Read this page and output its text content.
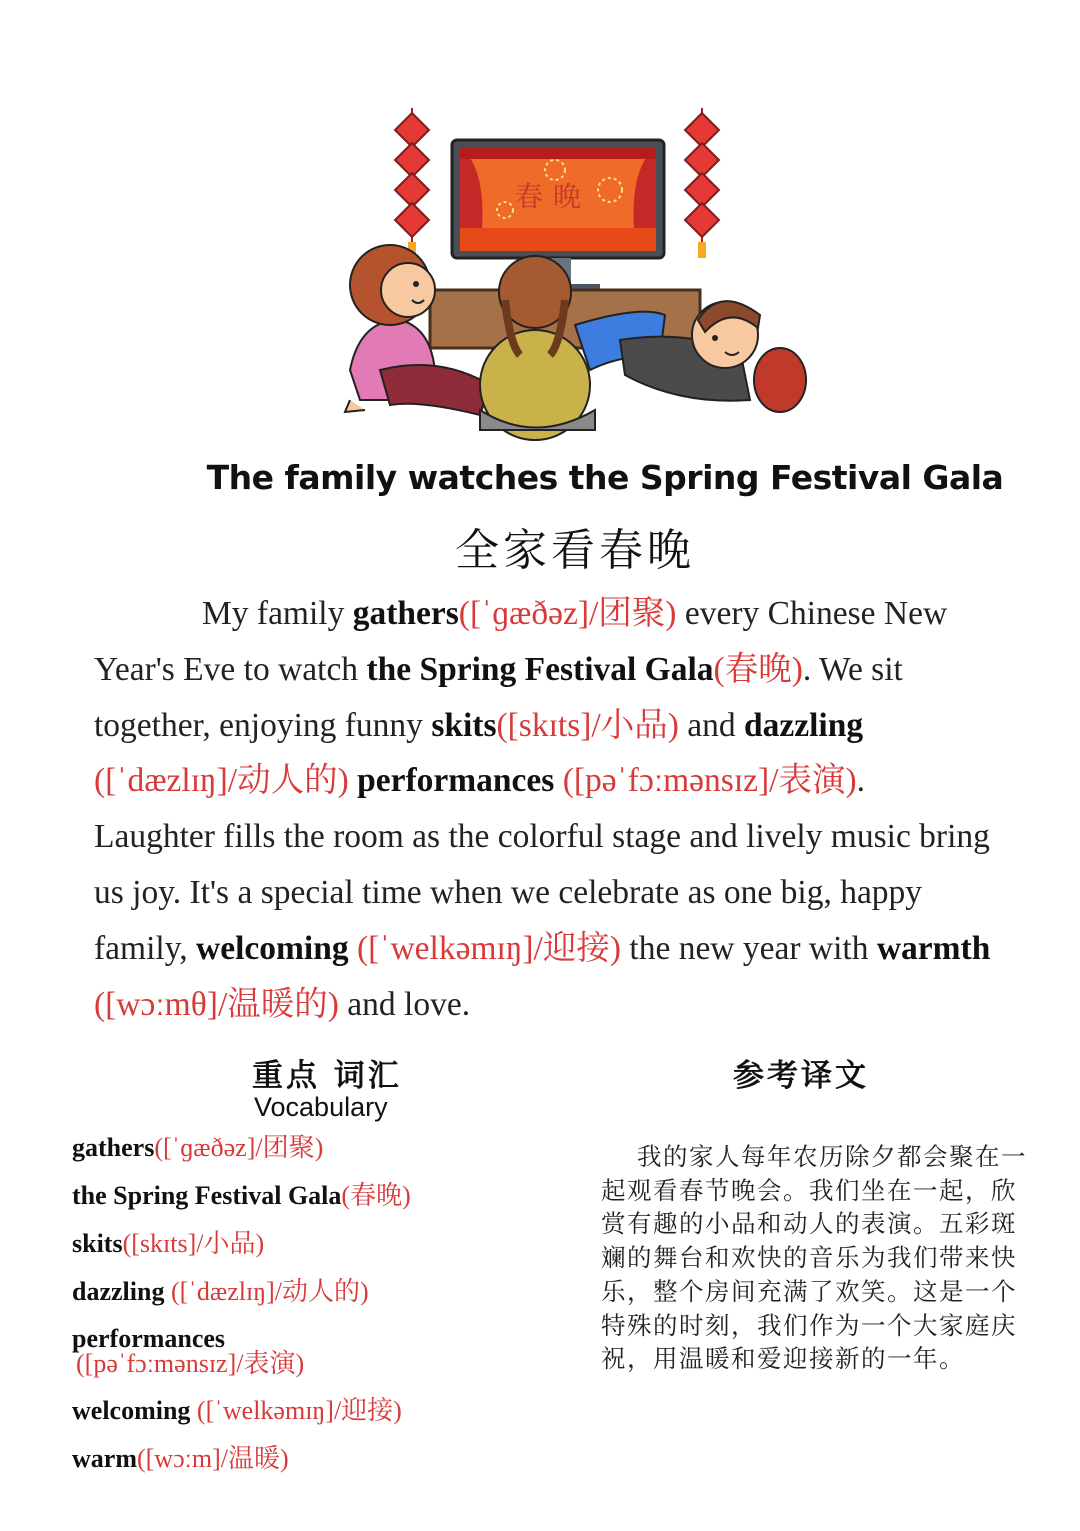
春晚
The family watches the Spring Festival Gala
全家看春晚

My family gathers([ˈɡæðəz]/团聚) every Chinese New Year's Eve to watch the Spring Festival Gala(春晚). We sit together, enjoying funny skits([skɪts]/小品) and dazzling ([ˈdæzlɪŋ]/动人的) performances ([pəˈfɔːmənsɪz]/表演). Laughter fills the room as the colorful stage and lively music bring us joy. It's a special time when we celebrate as one big, happy family, welcoming ([ˈwelkəmɪŋ]/迎接) the new year with warmth ([wɔːmθ]/温暖的) and love.

重点 词汇
Vocabulary
gathers([ˈɡæðəz]/团聚)
the Spring Festival Gala(春晚)
skits([skɪts]/小品)
dazzling ([ˈdæzlɪŋ]/动人的)
performances
([pəˈfɔːmənsɪz]/表演)
welcoming ([ˈwelkəmɪŋ]/迎接)
warm([wɔːm]/温暖)
参考译文

我的家人每年农历除夕都会聚在一起观看春节晚会。我们坐在一起，欣赏有趣的小品和动人的表演。五彩斑斓的舞台和欢快的音乐为我们带来快乐，整个房间充满了欢笑。这是一个特殊的时刻，我们作为一个大家庭庆祝，用温暖和爱迎接新的一年。
